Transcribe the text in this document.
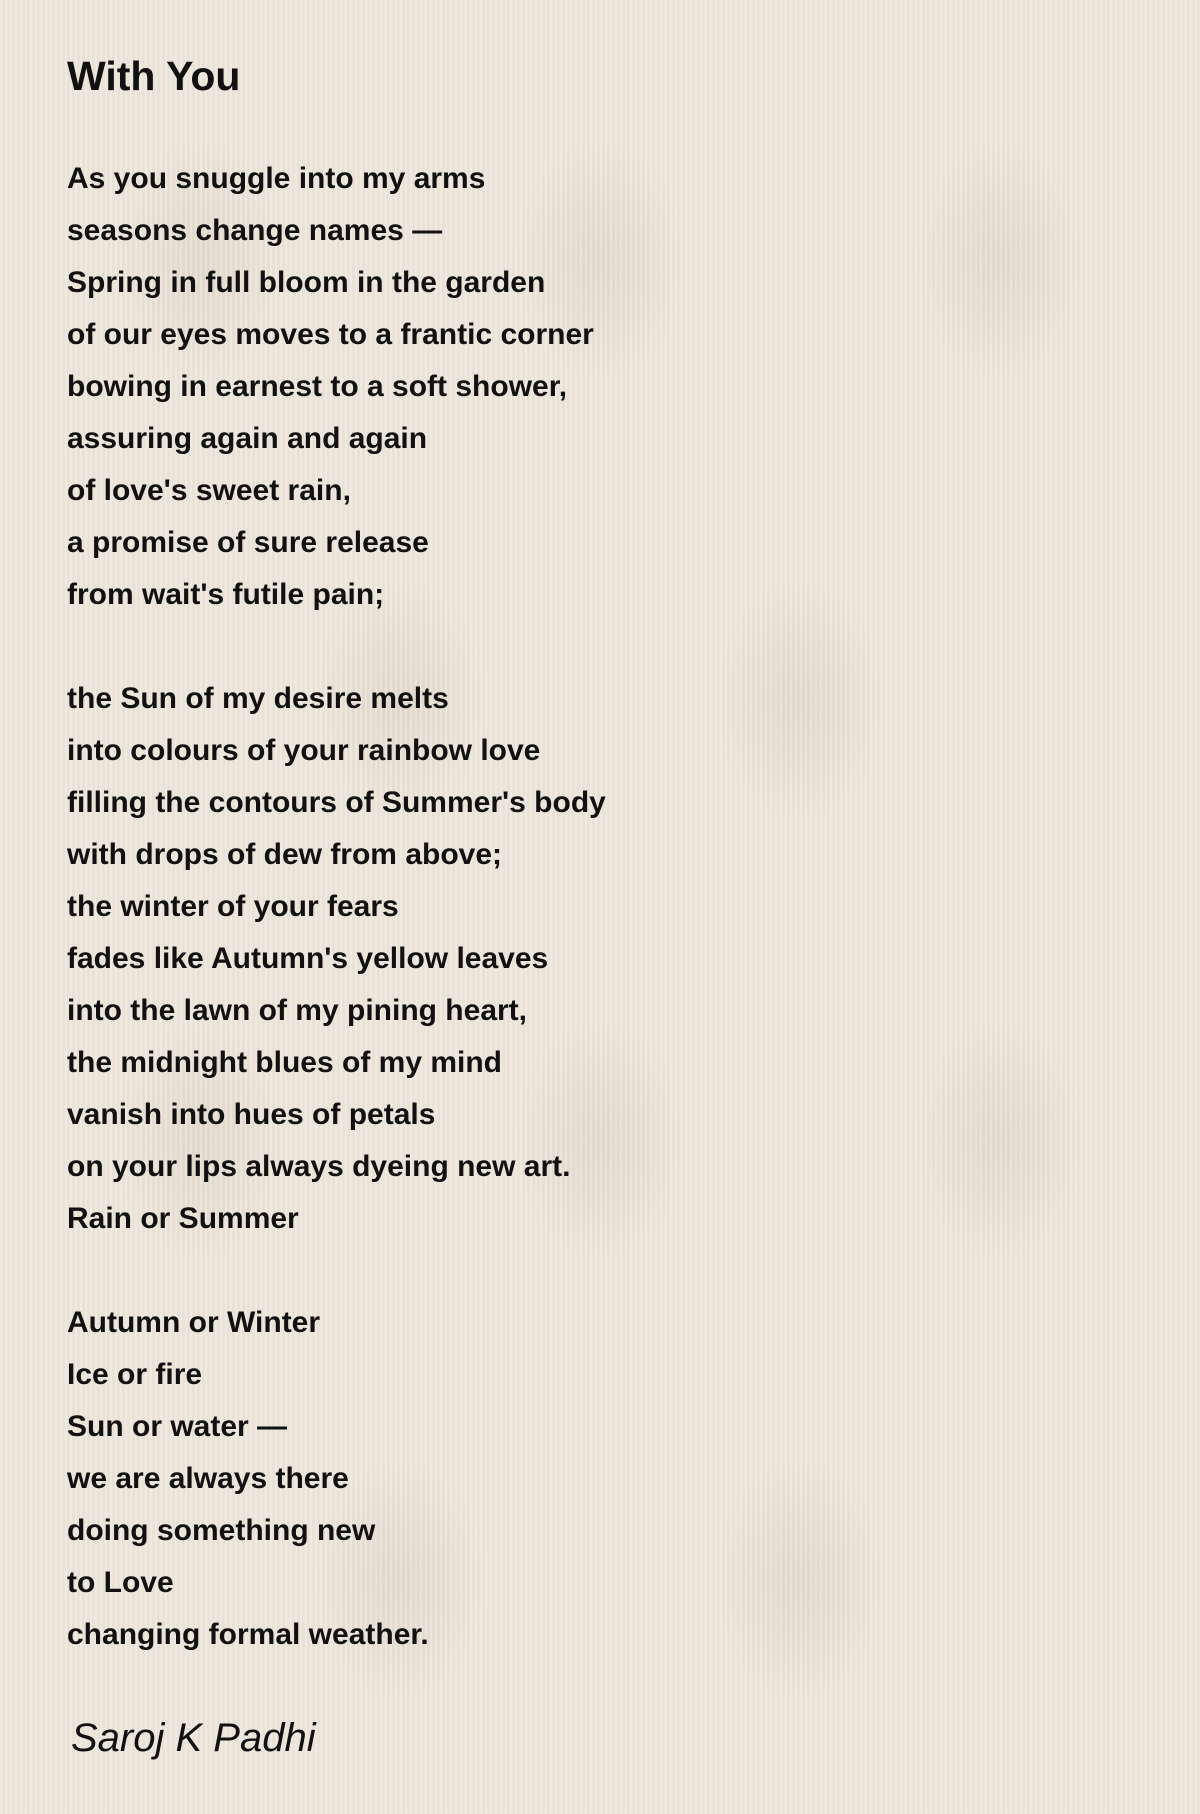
With You
As you snuggle into my arms
seasons change names —
Spring in full bloom in the garden
of our eyes moves to a frantic corner
bowing in earnest to a soft shower,
assuring again and again
of love's sweet rain,
a promise of sure release
from wait's futile pain;
the Sun of my desire melts
into colours of your rainbow love
filling the contours of Summer's body
with drops of dew from above;
the winter of your fears
fades like Autumn's yellow leaves
into the lawn of my pining heart,
the midnight blues of my mind
vanish into hues of petals
on your lips always dyeing new art.
Rain or Summer
Autumn or Winter
Ice or fire
Sun or water —
we are always there
doing something new
to Love
changing formal weather.

Saroj K Padhi
